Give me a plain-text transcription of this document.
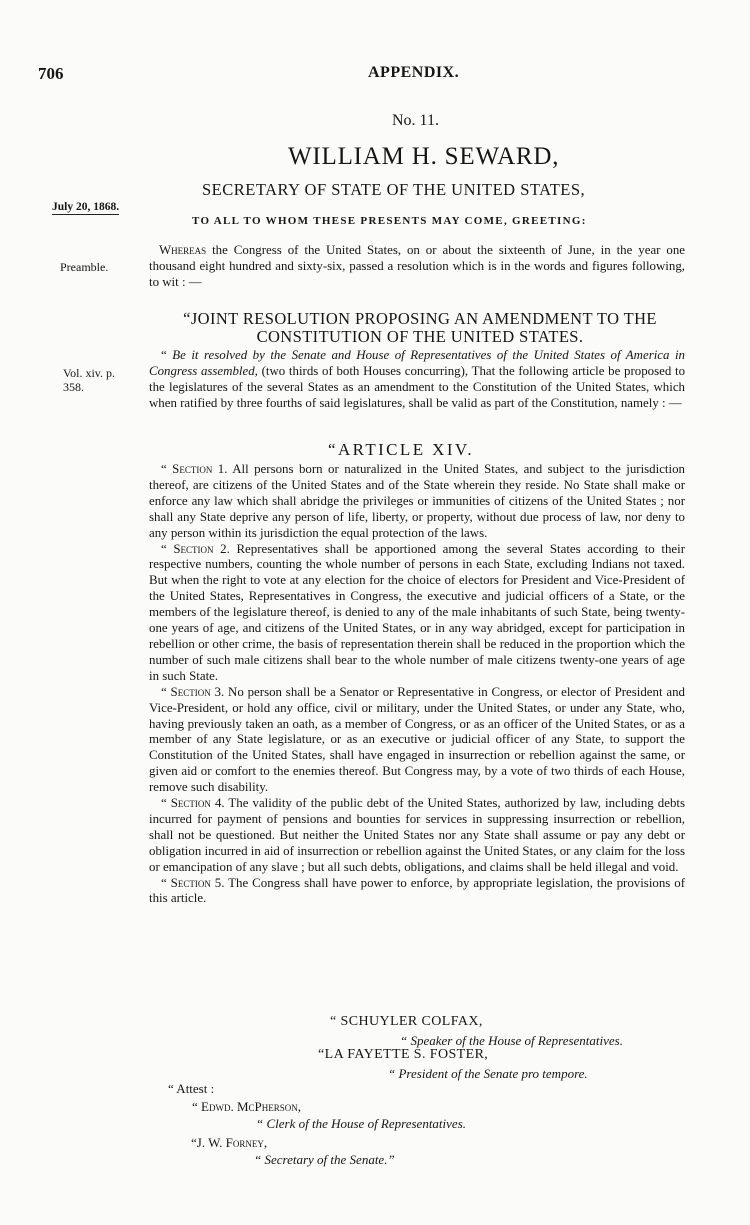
706	APPENDIX.
No. 11.
WILLIAM H. SEWARD,
SECRETARY OF STATE OF THE UNITED STATES,
July 20, 1868.
TO ALL TO WHOM THESE PRESENTS MAY COME, GREETING:
Preamble.
Vol. xiv. p.
358.

Whereas the Congress of the United States, on or about the sixteenth of June, in the year one thousand eight hundred and sixty-six, passed a resolution which is in the words and figures following, to wit : —

“JOINT RESOLUTION PROPOSING AN AMENDMENT TO THE
CONSTITUTION OF THE UNITED STATES.

“ Be it resolved by the Senate and House of Representatives of the United States of America in Congress assembled, (two thirds of both Houses concurring), That the following article be proposed to the legislatures of the several States as an amendment to the Constitution of the United States, which when ratified by three fourths of said legislatures, shall be valid as part of the Constitution, namely : —

“ARTICLE XIV.

“ Section 1. All persons born or naturalized in the United States, and subject to the jurisdiction thereof, are citizens of the United States and of the State wherein they reside. No State shall make or enforce any law which shall abridge the privileges or immunities of citizens of the United States ; nor shall any State deprive any person of life, liberty, or property, without due process of law, nor deny to any person within its jurisdiction the equal protection of the laws.

“ Section 2. Representatives shall be apportioned among the several States according to their respective numbers, counting the whole number of persons in each State, excluding Indians not taxed. But when the right to vote at any election for the choice of electors for President and Vice-President of the United States, Representatives in Congress, the executive and judicial officers of a State, or the members of the legislature thereof, is denied to any of the male inhabitants of such State, being twenty-one years of age, and citizens of the United States, or in any way abridged, except for participation in rebellion or other crime, the basis of representation therein shall be reduced in the proportion which the number of such male citizens shall bear to the whole number of male citizens twenty-one years of age in such State.

“ Section 3. No person shall be a Senator or Representative in Congress, or elector of President and Vice-President, or hold any office, civil or military, under the United States, or under any State, who, having previously taken an oath, as a member of Congress, or as an officer of the United States, or as a member of any State legislature, or as an executive or judicial officer of any State, to support the Constitution of the United States, shall have engaged in insurrection or rebellion against the same, or given aid or comfort to the enemies thereof. But Congress may, by a vote of two thirds of each House, remove such disability.

“ Section 4. The validity of the public debt of the United States, authorized by law, including debts incurred for payment of pensions and bounties for services in suppressing insurrection or rebellion, shall not be questioned. But neither the United States nor any State shall assume or pay any debt or obligation incurred in aid of insurrection or rebellion against the United States, or any claim for the loss or emancipation of any slave ; but all such debts, obligations, and claims shall be held illegal and void.

“ Section 5. The Congress shall have power to enforce, by appropriate legislation, the provisions of this article.

“ SCHUYLER COLFAX,
“ Speaker of the House of Representatives.
“LA FAYETTE S. FOSTER,
“ President of the Senate pro tempore.
“ Attest :
“ Edwd. McPherson,
“ Clerk of the House of Representatives.
“J. W. Forney,
“ Secretary of the Senate.”
